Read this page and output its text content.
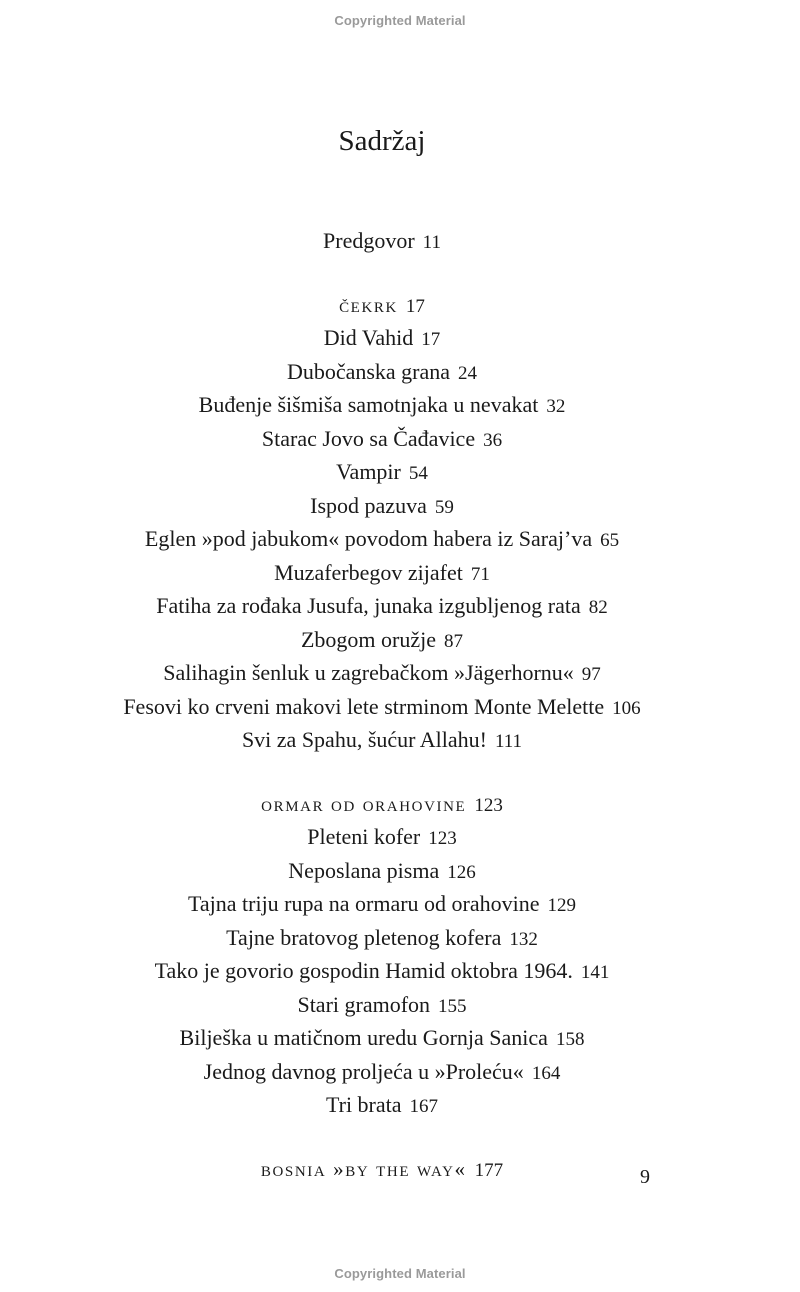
Copyrighted Material
Sadržaj
Predgovor 11
čekrk 17
Did Vahid 17
Dubočanska grana 24
Buđenje šišmiša samotnjaka u nevakat 32
Starac Jovo sa Čađavice 36
Vampir 54
Ispod pazuva 59
Eglen »pod jabukom« povodom habera iz Saraj’va 65
Muzaferbegov zijafet 71
Fatiha za rođaka Jusufa, junaka izgubljenog rata 82
Zbogom oružje 87
Salihagin šenluk u zagrebačkom »Jägerhornu« 97
Fesovi ko crveni makovi lete strminom Monte Melette 106
Svi za Spahu, šućur Allahu! 111
ormar od orahovine 123
Pleteni kofer 123
Neposlana pisma 126
Tajna triju rupa na ormaru od orahovine 129
Tajne bratovog pletenog kofera 132
Tako je govorio gospodin Hamid oktobra 1964. 141
Stari gramofon 155
Bilješka u matičnom uredu Gornja Sanica 158
Jednog davnog proljeća u »Proleću« 164
Tri brata 167
bosnia »by the way« 177	9
Copyrighted Material
